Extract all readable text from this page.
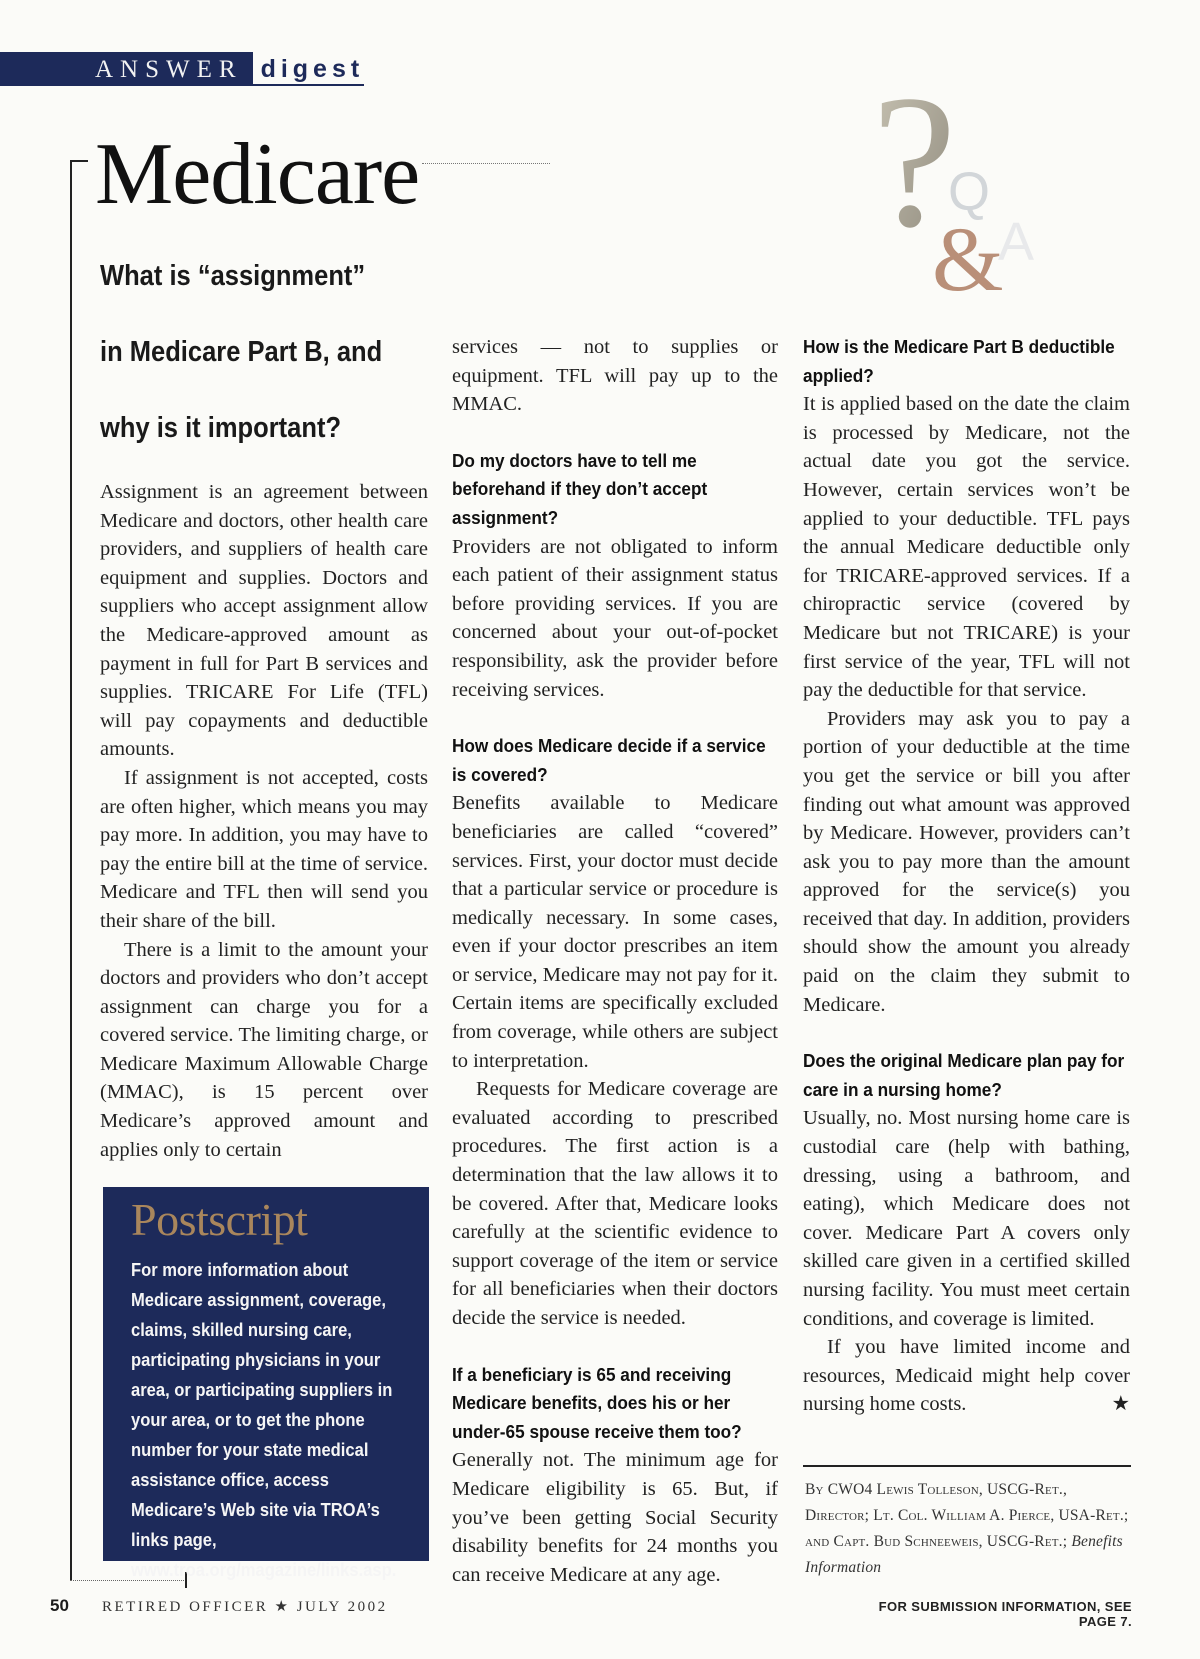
ANSWER digest
Medicare
What is “assignment”
in Medicare Part B, and
why is it important?
?
Q
&
A

Assignment is an agreement between Medicare and doctors, other health care providers, and suppliers of health care equipment and supplies. Doctors and suppliers who accept assignment allow the Medicare-approved amount as payment in full for Part B services and supplies. TRICARE For Life (TFL) will pay copayments and deductible amounts.

If assignment is not accepted, costs are often higher, which means you may pay more. In addition, you may have to pay the entire bill at the time of service. Medicare and TFL then will send you their share of the bill.

There is a limit to the amount your doctors and providers who don’t accept assignment can charge you for a covered service. The limiting charge, or Medicare Maximum Allowable Charge (MMAC), is 15 percent over Medicare’s approved amount and applies only to certain

Postscript
For more information about Medicare assignment, coverage, claims, skilled nursing care, participating physicians in your area, or participating suppliers in your area, or to get the phone number for your state medical assistance office, access Medicare’s Web site via TROA’s links page, www.troa.org/magazine/links.asp.

services — not to supplies or equipment. TFL will pay up to the MMAC.

Do my doctors have to tell me beforehand if they don’t accept assignment?

Providers are not obligated to inform each patient of their assignment status before providing services. If you are concerned about your out-of-pocket responsibility, ask the provider before receiving services.

How does Medicare decide if a service is covered?

Benefits available to Medicare beneficiaries are called “covered” services. First, your doctor must decide that a particular service or procedure is medically necessary. In some cases, even if your doctor prescribes an item or service, Medicare may not pay for it. Certain items are specifically excluded from coverage, while others are subject to interpretation.

Requests for Medicare coverage are evaluated according to prescribed procedures. The first action is a determination that the law allows it to be covered. After that, Medicare looks carefully at the scientific evidence to support coverage of the item or service for all beneficiaries when their doctors decide the service is needed.

If a beneficiary is 65 and receiving Medicare benefits, does his or her under-65 spouse receive them too?

Generally not. The minimum age for Medicare eligibility is 65. But, if you’ve been getting Social Security disability benefits for 24 months you can receive Medicare at any age.

How is the Medicare Part B deductible applied?

It is applied based on the date the claim is processed by Medicare, not the actual date you got the service. However, certain services won’t be applied to your deductible. TFL pays the annual Medicare deductible only for TRICARE-approved services. If a chiropractic service (covered by Medicare but not TRICARE) is your first service of the year, TFL will not pay the deductible for that service.

Providers may ask you to pay a portion of your deductible at the time you get the service or bill you after finding out what amount was approved by Medicare. However, providers can’t ask you to pay more than the amount approved for the service(s) you received that day. In addition, providers should show the amount you already paid on the claim they submit to Medicare.

Does the original Medicare plan pay for care in a nursing home?

Usually, no. Most nursing home care is custodial care (help with bathing, dressing, using a bathroom, and eating), which Medicare does not cover. Medicare Part A covers only skilled care given in a certified skilled nursing facility. You must meet certain conditions, and coverage is limited.

If you have limited income and resources, Medicaid might help cover nursing home costs.	★

By CWO4 Lewis Tolleson, USCG-Ret., Director; Lt. Col. William A. Pierce, USA-Ret.; and Capt. Bud Schneeweis, USCG-Ret.; Benefits Information
50 RETIRED OFFICER ★ JULY 2002	FOR SUBMISSION INFORMATION, SEE PAGE 7.
